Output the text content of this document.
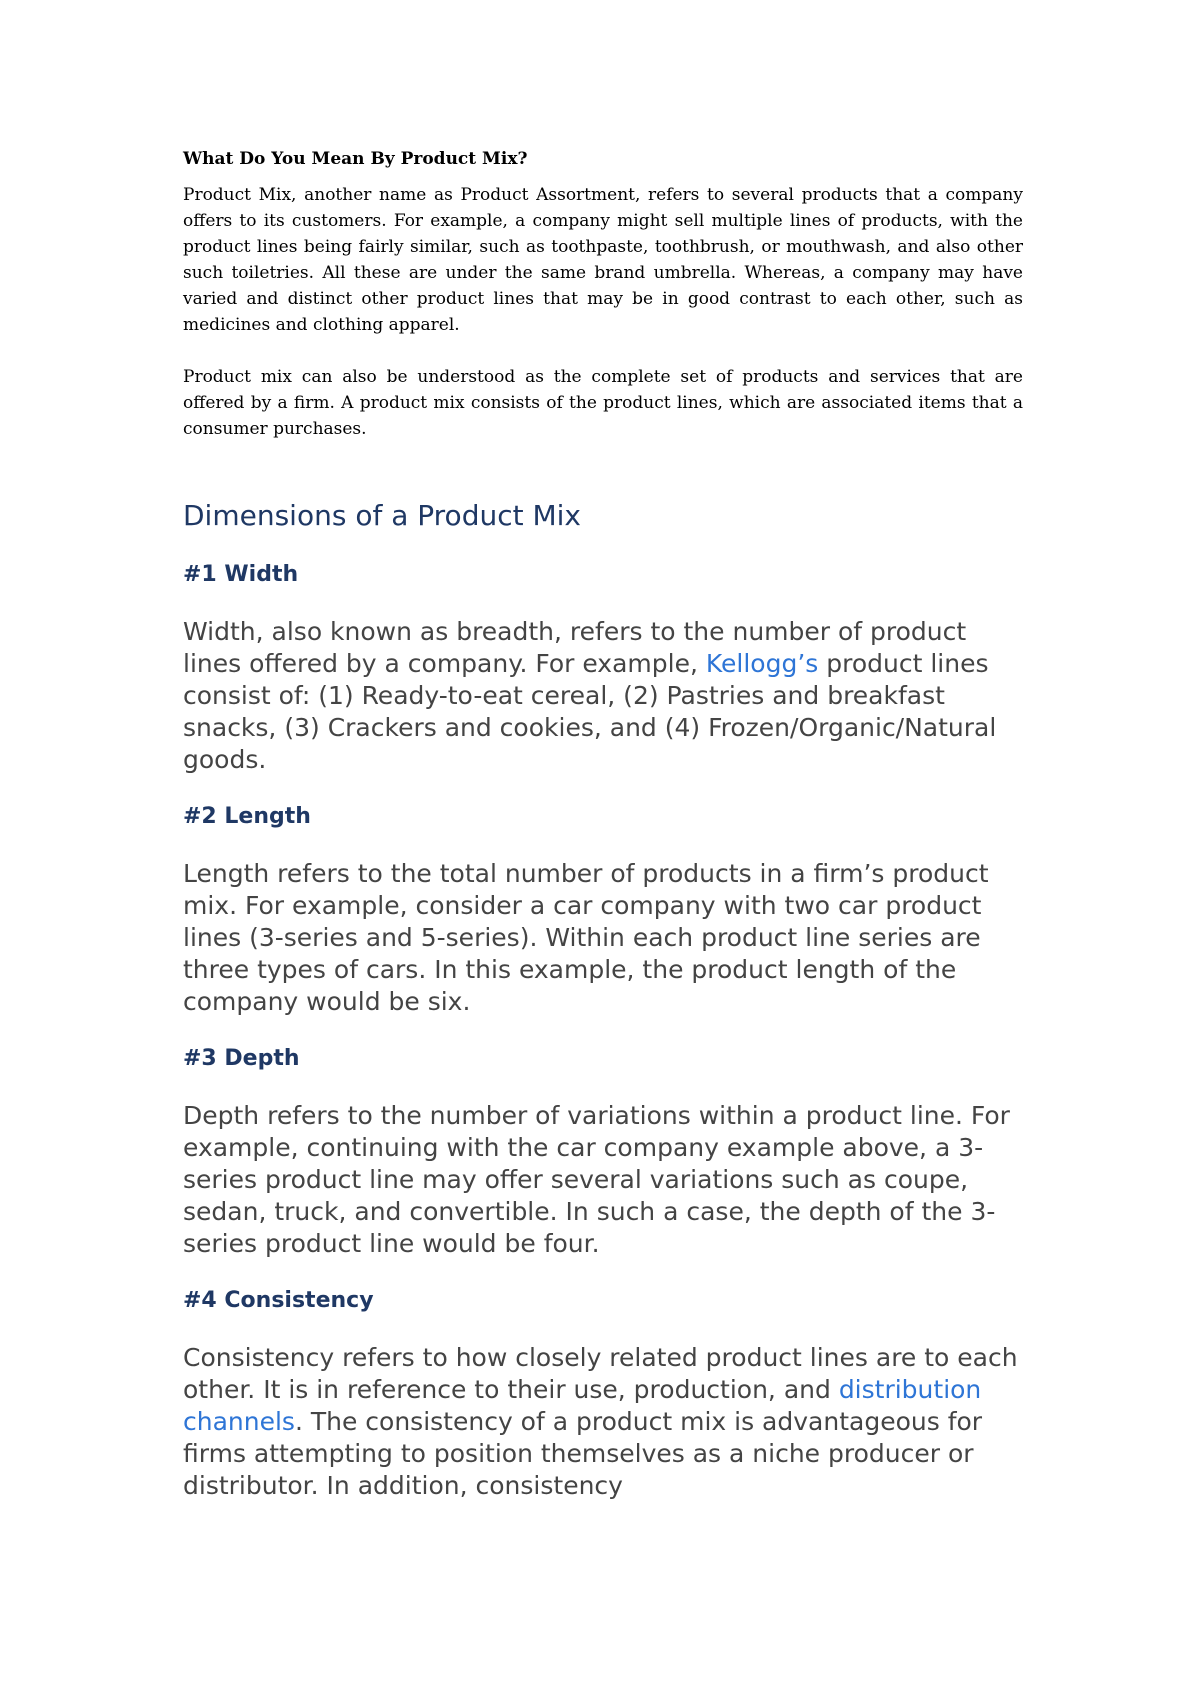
What Do You Mean By Product Mix?

Product Mix, another name as Product Assortment, refers to several products that a company offers to its customers. For example, a company might sell multiple lines of products, with the product lines being fairly similar, such as toothpaste, toothbrush, or mouthwash, and also other such toiletries. All these are under the same brand umbrella. Whereas, a company may have varied and distinct other product lines that may be in good contrast to each other, such as medicines and clothing apparel.

Product mix can also be understood as the complete set of products and services that are offered by a firm. A product mix consists of the product lines, which are associated items that a consumer purchases.

Dimensions of a Product Mix
#1 Width

Width, also known as breadth, refers to the number of product lines offered by a company. For example, Kellogg’s product lines consist of: (1) Ready-to-eat cereal, (2) Pastries and breakfast snacks, (3) Crackers and cookies, and (4) Frozen/Organic/Natural goods.

#2 Length

Length refers to the total number of products in a firm’s product mix. For example, consider a car company with two car product lines (3-series and 5-series). Within each product line series are three types of cars. In this example, the product length of the company would be six.

#3 Depth

Depth refers to the number of variations within a product line. For example, continuing with the car company example above, a 3-series product line may offer several variations such as coupe, sedan, truck, and convertible. In such a case, the depth of the 3-series product line would be four.

#4 Consistency

Consistency refers to how closely related product lines are to each other. It is in reference to their use, production, and distribution channels. The consistency of a product mix is advantageous for firms attempting to position themselves as a niche producer or distributor. In addition, consistency
